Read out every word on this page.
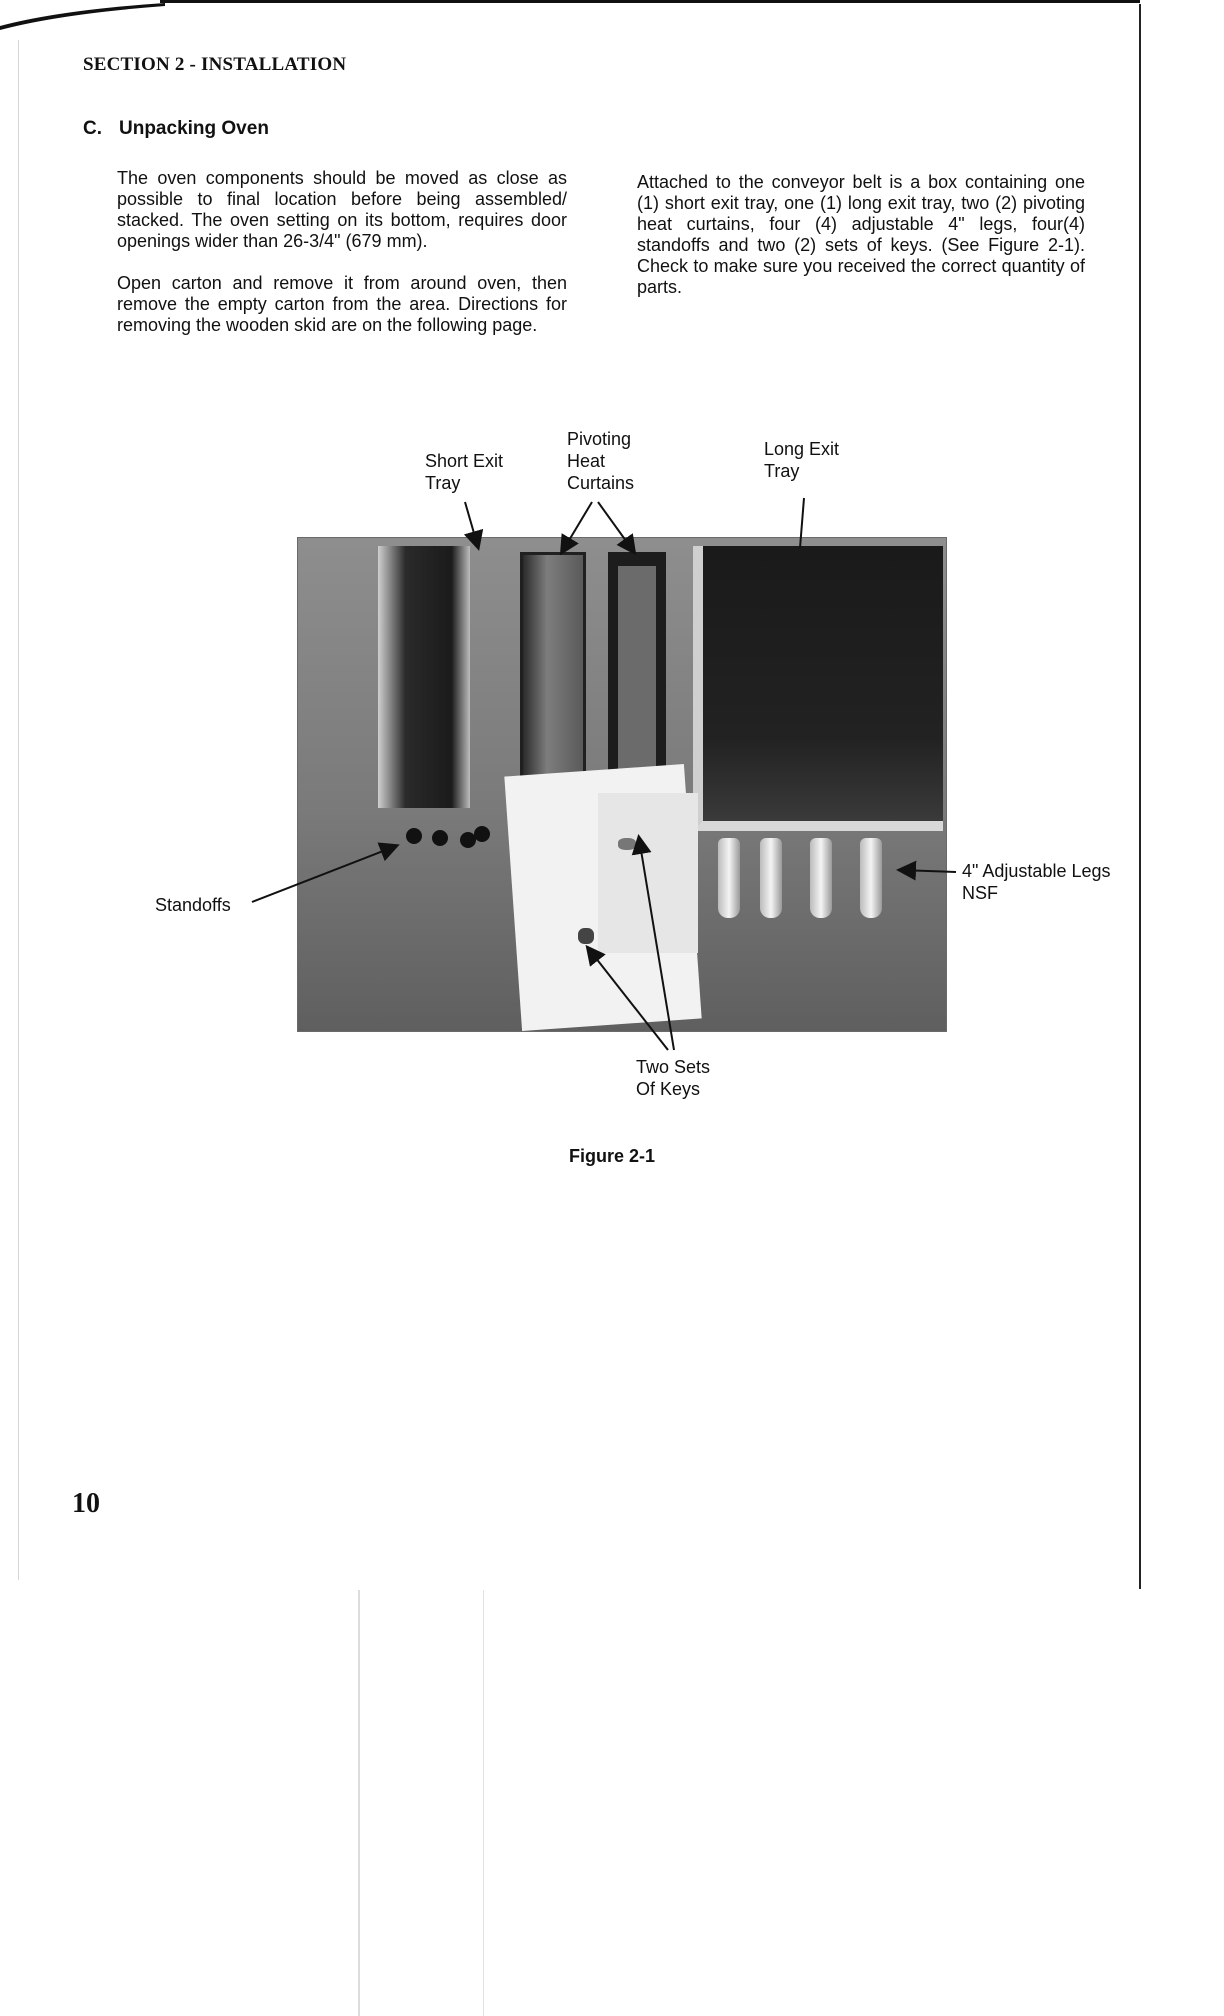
SECTION 2 - INSTALLATION
C. Unpacking Oven

The oven components should be moved as close as possible to final location before being assembled/ stacked. The oven setting on its bottom, requires door openings wider than 26-3/4" (679 mm).

Open carton and remove it from around oven, then remove the empty carton from the area. Directions for removing the wooden skid are on the following page.

Attached to the conveyor belt is a box containing one (1) short exit tray, one (1) long exit tray, two (2) pivoting heat curtains, four (4) adjustable 4" legs, four(4) standoffs and two (2) sets of keys. (See Figure 2-1). Check to make sure you received the correct quantity of parts.

Short Exit
Tray
Pivoting
Heat
Curtains
Long Exit
Tray
Standoffs
4" Adjustable Legs
NSF
Two Sets
Of Keys
Figure 2-1
10
